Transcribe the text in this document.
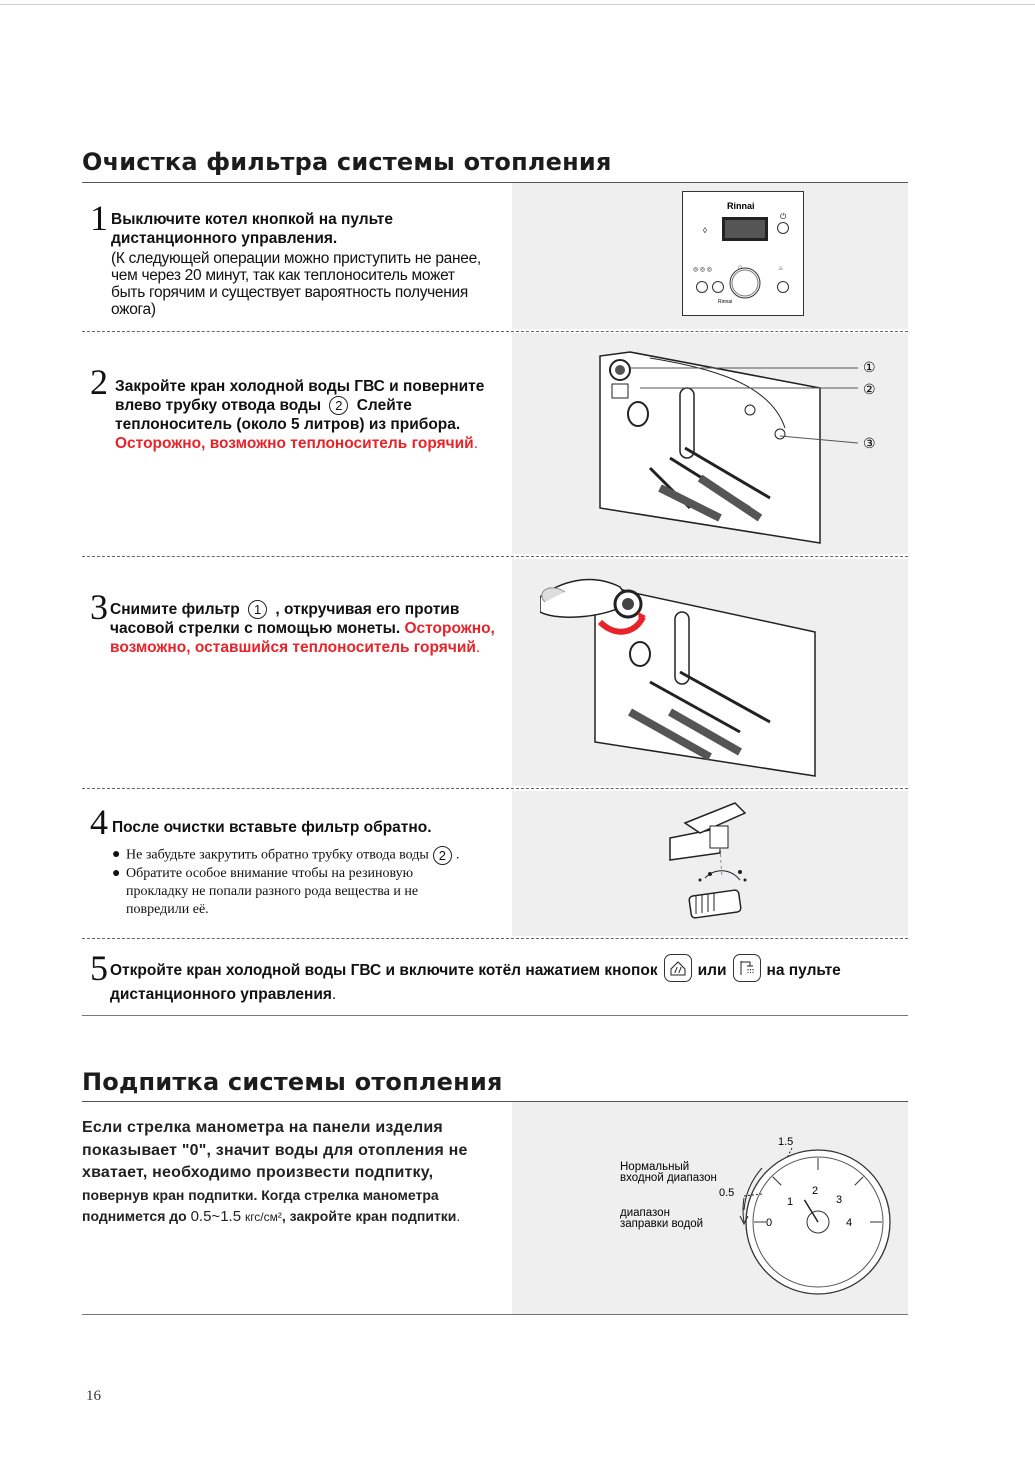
Очистка фильтра системы отопления
1 Выключите котел кнопкой на пульте дистанционного управления.
(К следующей операции можно приступить не ранее, чем через 20 минут, так как теплоноситель может быть горячим и существует вароятность получения ожога)
Rinnai
⏻
◊
⌂
◎ ◎ ◎	♨
Rinnai
2 Закройте кран холодной воды ГВС и поверните влево трубку отвода воды 2 Слейте теплоноситель (около 5 литров) из прибора. Осторожно, возможно теплоноситель горячий.
①
②
③
3 Снимите фильтр 1 , откручивая его против часовой стрелки с помощью монеты. Осторожно, возможно, оставшийся теплоноситель горячий.
4 После очистки вставьте фильтр обратно.
● Не забудьте закрутить обратно трубку отвода воды 2 .
● Обратите особое внимание чтобы на резиновую прокладку не попали разного рода вещества и не повредили её.
5 Откройте кран холодной воды ГВС и включите котёл нажатием кнопок	или	на пульте
дистанционного управления.
Подпитка системы отопления
Если стрелка манометра на панели изделия показывает "0", значит воды для отопления не хватает, необходимо произвести подпитку,
повернув кран подпитки. Когда стрелка манометра поднимется до 0.5~1.5 кгс/см², закройте кран подпитки.
1.5
0.5
Нормальный
входной диапазон
диапазон
заправки водой	0
1
2
3
4
16
